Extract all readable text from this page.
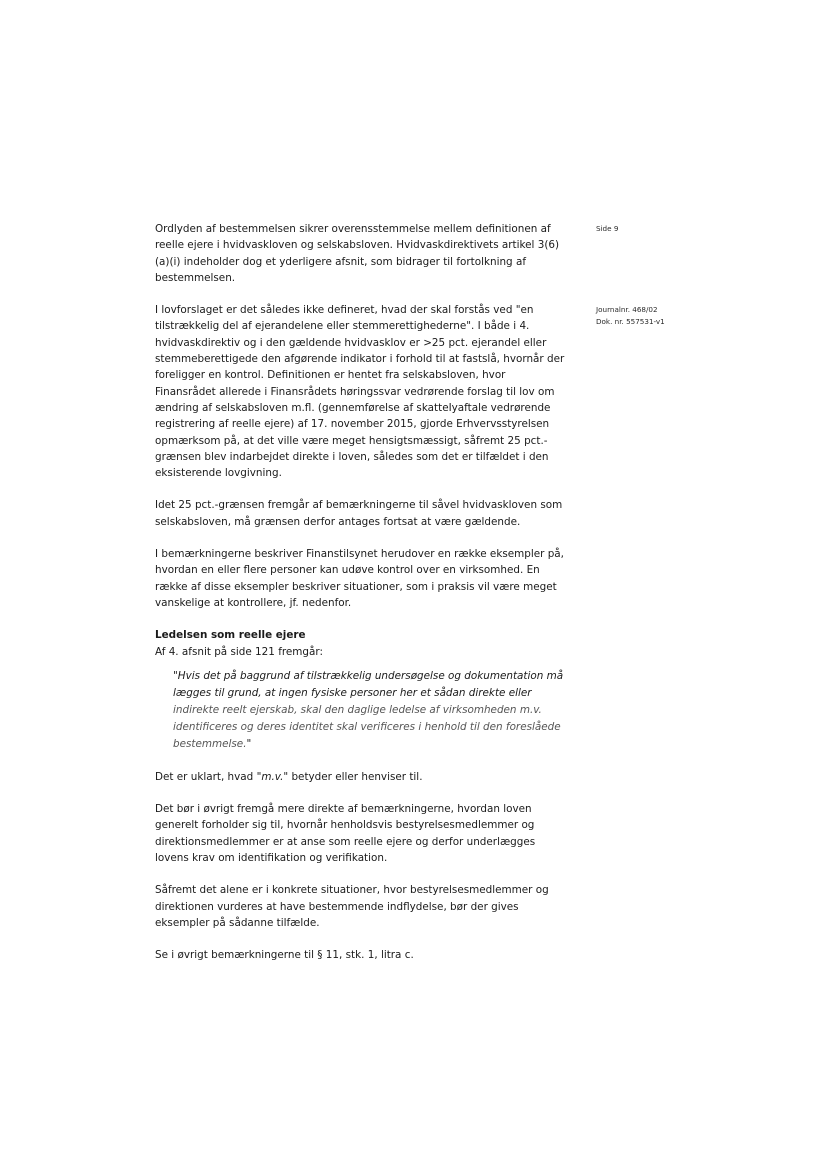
Side 9
Journalnr. 468/02
Dok. nr. 557531-v1

Ordlyden af bestemmelsen sikrer overensstemmelse mellem definitionen af reelle ejere i hvidvaskloven og selskabsloven. Hvidvaskdirektivets artikel 3(6)(a)(i) indeholder dog et yderligere afsnit, som bidrager til fortolkning af bestemmelsen.

I lovforslaget er det således ikke defineret, hvad der skal forstås ved "en tilstrækkelig del af ejerandelene eller stemmerettighederne". I både i 4. hvidvaskdirektiv og i den gældende hvidvasklov er >25 pct. ejerandel eller stemmeberettigede den afgørende indikator i forhold til at fastslå, hvornår der foreligger en kontrol. Definitionen er hentet fra selskabsloven, hvor Finansrådet allerede i Finansrådets høringssvar vedrørende forslag til lov om ændring af selskabsloven m.fl. (gennemførelse af skatteIyaftale vedrørende registrering af reelle ejere) af 17. november 2015, gjorde Erhvervsstyrelsen opmærksom på, at det ville være meget hensigtsmæssigt, såfremt 25 pct.-grænsen blev indarbejdet direkte i loven, således som det er tilfældet i den eksisterende lovgivning.

Idet 25 pct.-grænsen fremgår af bemærkningerne til såvel hvidvaskloven som selskabsloven, må grænsen derfor antages fortsat at være gældende.

I bemærkningerne beskriver Finanstilsynet herudover en række eksempler på, hvordan en eller flere personer kan udøve kontrol over en virksomhed. En række af disse eksempler beskriver situationer, som i praksis vil være meget vanskelige at kontrollere, jf. nedenfor.

Ledelsen som reelle ejere

Af 4. afsnit på side 121 fremgår:

"Hvis det på baggrund af tilstrækkelig undersøgelse og dokumentation må lægges til grund, at ingen fysiske personer her et sådan direkte eller indirekte reelt ejerskab, skal den daglige ledelse af virksomheden m.v. identificeres og deres identitet skal verificeres i henhold til den foreslåede bestemmelse."

Det er uklart, hvad "m.v." betyder eller henviser til.

Det bør i øvrigt fremgå mere direkte af bemærkningerne, hvordan loven generelt forholder sig til, hvornår henholdsvis bestyrelsesmedlemmer og direktionsmedlemmer er at anse som reelle ejere og derfor underlægges lovens krav om identifikation og verifikation.

Såfremt det alene er i konkrete situationer, hvor bestyrelsesmedlemmer og direktionen vurderes at have bestemmende indflydelse, bør der gives eksempler på sådanne tilfælde.

Se i øvrigt bemærkningerne til § 11, stk. 1, litra c.
